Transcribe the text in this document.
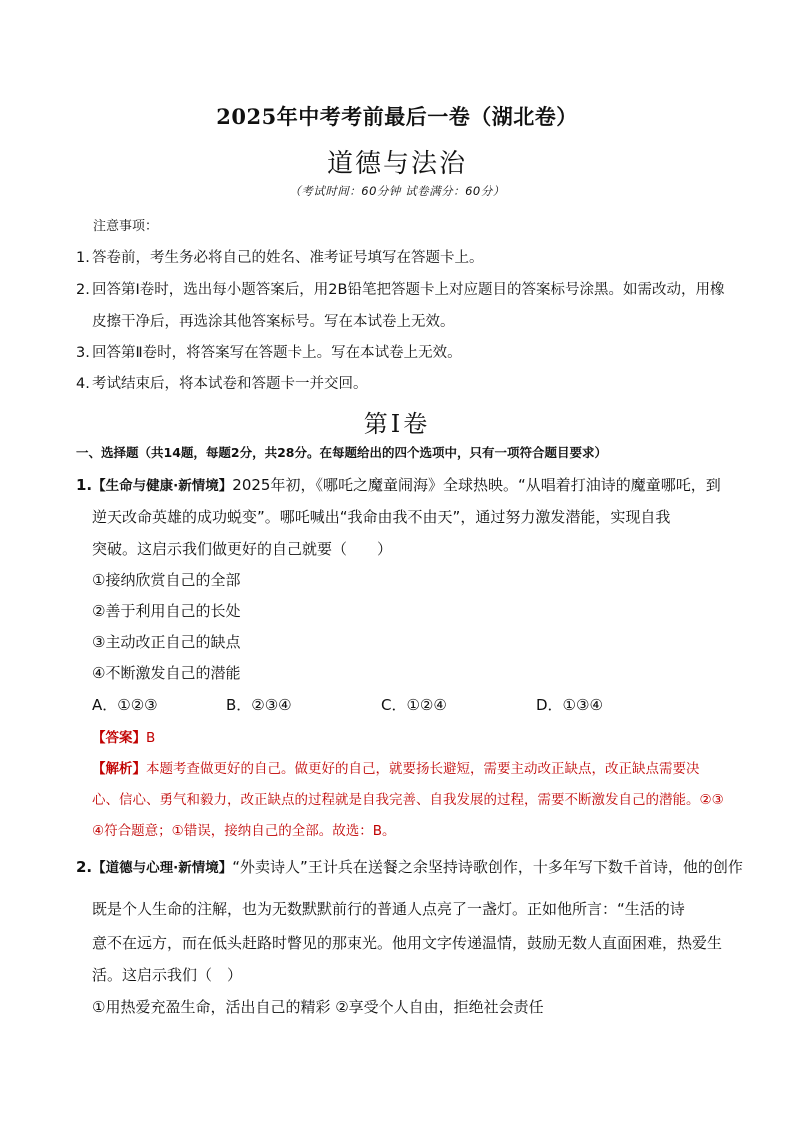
2025年中考考前最后一卷（湖北卷）
道德与法治
（考试时间：60分钟 试卷满分：60分）
注意事项：
1. 答卷前，考生务必将自己的姓名、准考证号填写在答题卡上。
2. 回答第Ⅰ卷时，选出每小题答案后，用2B铅笔把答题卡上对应题目的答案标号涂黑。如需改动，用橡
皮擦干净后，再选涂其他答案标号。写在本试卷上无效。
3. 回答第Ⅱ卷时，将答案写在答题卡上。写在本试卷上无效。
4. 考试结束后，将本试卷和答题卡一并交回。
第Ⅰ卷
一、选择题（共14题，每题2分，共28分。在每题给出的四个选项中，只有一项符合题目要求）
1.【生命与健康·新情境】2025年初，《哪吒之魔童闹海》全球热映。“从唱着打油诗的魔童哪吒，到
逆天改命英雄的成功蜕变”。哪吒喊出“我命由我不由天”，通过努力激发潜能，实现自我
突破。这启示我们做更好的自己就要（　　）
①接纳欣赏自己的全部
②善于利用自己的长处
③主动改正自己的缺点
④不断激发自己的潜能
A．①②③	B．②③④	C．①②④	D．①③④
【答案】B
【解析】本题考查做更好的自己。做更好的自己，就要扬长避短，需要主动改正缺点，改正缺点需要决
心、信心、勇气和毅力，改正缺点的过程就是自我完善、自我发展的过程，需要不断激发自己的潜能。②③
④符合题意；①错误，接纳自己的全部。故选：B。
2.【道德与心理·新情境】“外卖诗人”王计兵在送餐之余坚持诗歌创作，十多年写下数千首诗，他的创作
既是个人生命的注解，也为无数默默前行的普通人点亮了一盏灯。正如他所言：“生活的诗
意不在远方，而在低头赶路时瞥见的那束光。他用文字传递温情，鼓励无数人直面困难，热爱生
活。这启示我们（　）
①用热爱充盈生命，活出自己的精彩 ②享受个人自由，拒绝社会责任
